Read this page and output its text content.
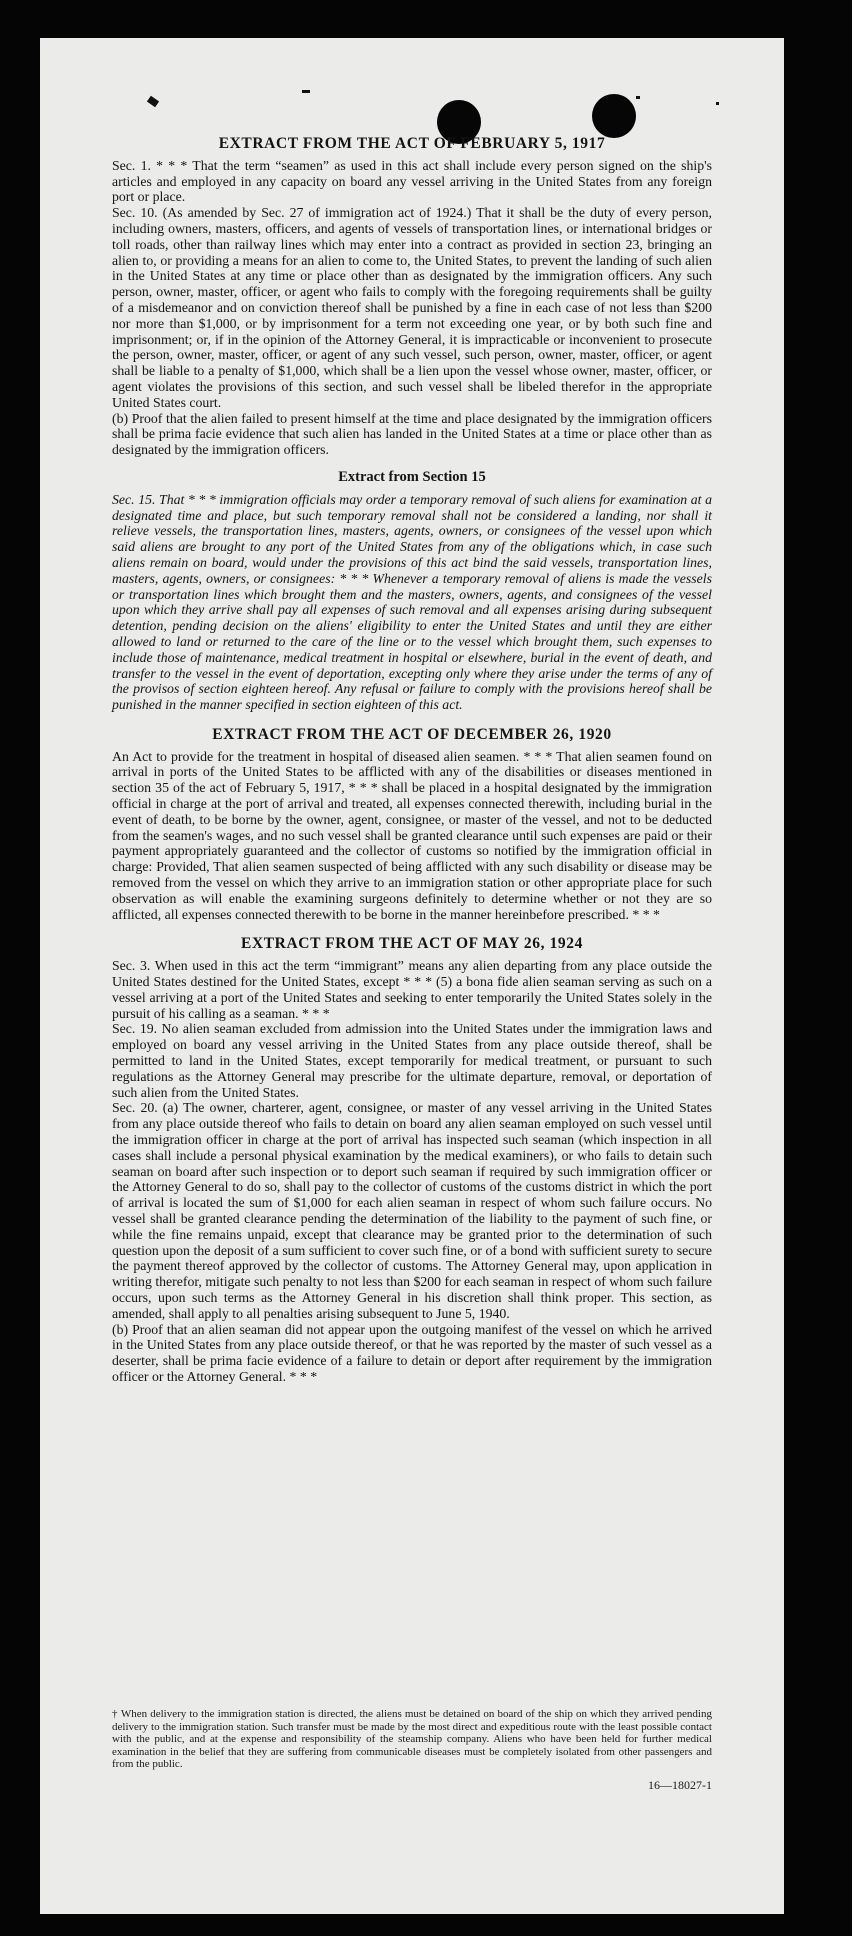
EXTRACT FROM THE ACT OF FEBRUARY 5, 1917

Sec. 1. * * * That the term “seamen” as used in this act shall include every person signed on the ship's articles and employed in any capacity on board any vessel arriving in the United States from any foreign port or place.

Sec. 10. (As amended by Sec. 27 of immigration act of 1924.) That it shall be the duty of every person, including owners, masters, officers, and agents of vessels of transportation lines, or international bridges or toll roads, other than railway lines which may enter into a contract as provided in section 23, bringing an alien to, or providing a means for an alien to come to, the United States, to prevent the landing of such alien in the United States at any time or place other than as designated by the immigration officers. Any such person, owner, master, officer, or agent who fails to comply with the foregoing requirements shall be guilty of a misdemeanor and on conviction thereof shall be punished by a fine in each case of not less than $200 nor more than $1,000, or by imprisonment for a term not exceeding one year, or by both such fine and imprisonment; or, if in the opinion of the Attorney General, it is impracticable or inconvenient to prosecute the person, owner, master, officer, or agent of any such vessel, such person, owner, master, officer, or agent shall be liable to a penalty of $1,000, which shall be a lien upon the vessel whose owner, master, officer, or agent violates the provisions of this section, and such vessel shall be libeled therefor in the appropriate United States court.

(b) Proof that the alien failed to present himself at the time and place designated by the immigration officers shall be prima facie evidence that such alien has landed in the United States at a time or place other than as designated by the immigration officers.

Extract from Section 15

Sec. 15. That * * * immigration officials may order a temporary removal of such aliens for examination at a designated time and place, but such temporary removal shall not be considered a landing, nor shall it relieve vessels, the transportation lines, masters, agents, owners, or consignees of the vessel upon which said aliens are brought to any port of the United States from any of the obligations which, in case such aliens remain on board, would under the provisions of this act bind the said vessels, transportation lines, masters, agents, owners, or consignees: * * * Whenever a temporary removal of aliens is made the vessels or transportation lines which brought them and the masters, owners, agents, and consignees of the vessel upon which they arrive shall pay all expenses of such removal and all expenses arising during subsequent detention, pending decision on the aliens' eligibility to enter the United States and until they are either allowed to land or returned to the care of the line or to the vessel which brought them, such expenses to include those of maintenance, medical treatment in hospital or elsewhere, burial in the event of death, and transfer to the vessel in the event of deportation, excepting only where they arise under the terms of any of the provisos of section eighteen hereof. Any refusal or failure to comply with the provisions hereof shall be punished in the manner specified in section eighteen of this act.

EXTRACT FROM THE ACT OF DECEMBER 26, 1920

An Act to provide for the treatment in hospital of diseased alien seamen. * * * That alien seamen found on arrival in ports of the United States to be afflicted with any of the disabilities or diseases mentioned in section 35 of the act of February 5, 1917, * * * shall be placed in a hospital designated by the immigration official in charge at the port of arrival and treated, all expenses connected therewith, including burial in the event of death, to be borne by the owner, agent, consignee, or master of the vessel, and not to be deducted from the seamen's wages, and no such vessel shall be granted clearance until such expenses are paid or their payment appropriately guaranteed and the collector of customs so notified by the immigration official in charge: Provided, That alien seamen suspected of being afflicted with any such disability or disease may be removed from the vessel on which they arrive to an immigration station or other appropriate place for such observation as will enable the examining surgeons definitely to determine whether or not they are so afflicted, all expenses connected therewith to be borne in the manner hereinbefore prescribed. * * *

EXTRACT FROM THE ACT OF MAY 26, 1924

Sec. 3. When used in this act the term “immigrant” means any alien departing from any place outside the United States destined for the United States, except * * * (5) a bona fide alien seaman serving as such on a vessel arriving at a port of the United States and seeking to enter temporarily the United States solely in the pursuit of his calling as a seaman. * * *

Sec. 19. No alien seaman excluded from admission into the United States under the immigration laws and employed on board any vessel arriving in the United States from any place outside thereof, shall be permitted to land in the United States, except temporarily for medical treatment, or pursuant to such regulations as the Attorney General may prescribe for the ultimate departure, removal, or deportation of such alien from the United States.

Sec. 20. (a) The owner, charterer, agent, consignee, or master of any vessel arriving in the United States from any place outside thereof who fails to detain on board any alien seaman employed on such vessel until the immigration officer in charge at the port of arrival has inspected such seaman (which inspection in all cases shall include a personal physical examination by the medical examiners), or who fails to detain such seaman on board after such inspection or to deport such seaman if required by such immigration officer or the Attorney General to do so, shall pay to the collector of customs of the customs district in which the port of arrival is located the sum of $1,000 for each alien seaman in respect of whom such failure occurs. No vessel shall be granted clearance pending the determination of the liability to the payment of such fine, or while the fine remains unpaid, except that clearance may be granted prior to the determination of such question upon the deposit of a sum sufficient to cover such fine, or of a bond with sufficient surety to secure the payment thereof approved by the collector of customs. The Attorney General may, upon application in writing therefor, mitigate such penalty to not less than $200 for each seaman in respect of whom such failure occurs, upon such terms as the Attorney General in his discretion shall think proper. This section, as amended, shall apply to all penalties arising subsequent to June 5, 1940.

(b) Proof that an alien seaman did not appear upon the outgoing manifest of the vessel on which he arrived in the United States from any place outside thereof, or that he was reported by the master of such vessel as a deserter, shall be prima facie evidence of a failure to detain or deport after requirement by the immigration officer or the Attorney General. * * *

† When delivery to the immigration station is directed, the aliens must be detained on board of the ship on which they arrived pending delivery to the immigration station. Such transfer must be made by the most direct and expeditious route with the least possible contact with the public, and at the expense and responsibility of the steamship company. Aliens who have been held for further medical examination in the belief that they are suffering from communicable diseases must be completely isolated from other passengers and from the public.
16—18027-1
